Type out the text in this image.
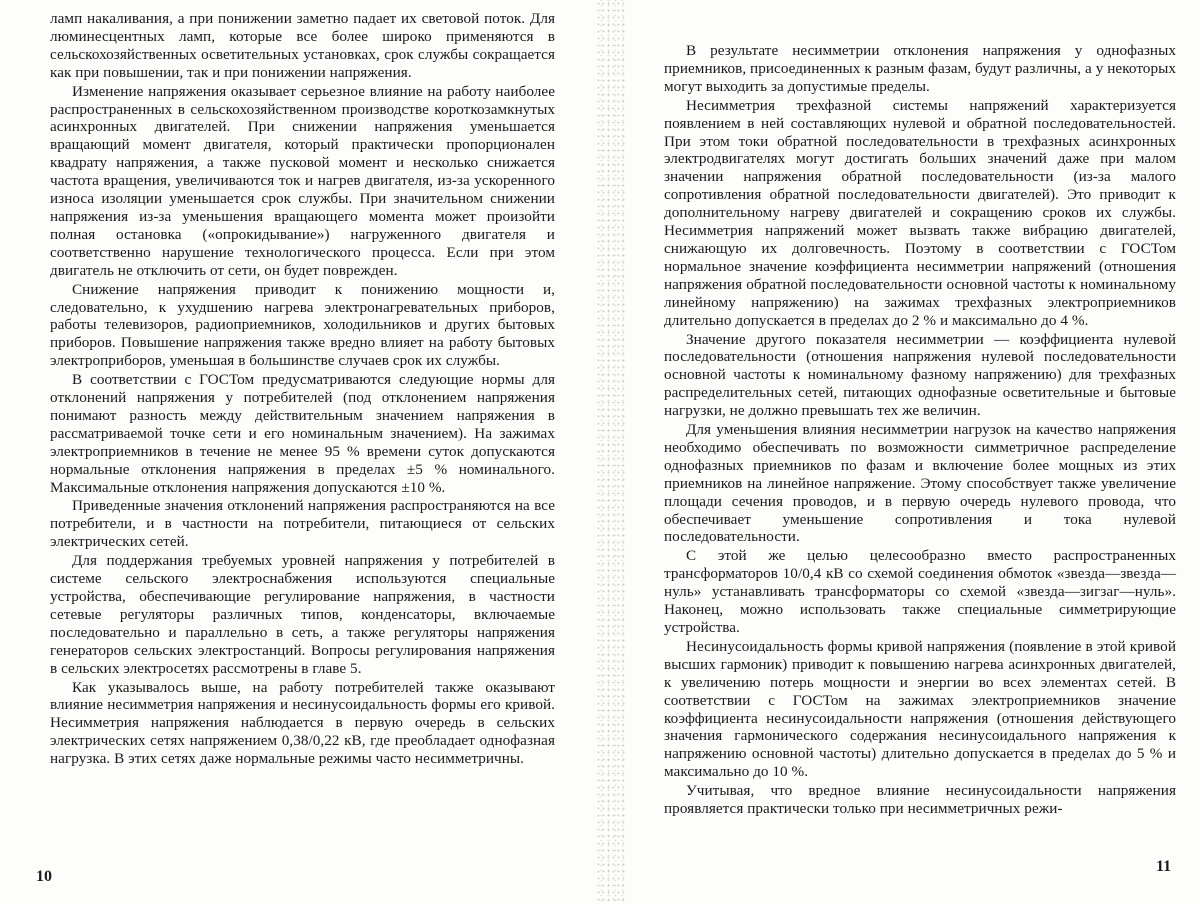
ламп накаливания, а при понижении заметно падает их световой поток. Для люминесцентных ламп, которые все более широко применяются в сельскохозяйственных осветительных установках, срок службы сокращается как при повышении, так и при понижении напряжения.

Изменение напряжения оказывает серьезное влияние на работу наиболее распространенных в сельскохозяйственном производстве короткозамкнутых асинхронных двигателей. При снижении напряжения уменьшается вращающий момент двигателя, который практически пропорционален квадрату напряжения, а также пусковой момент и несколько снижается частота вращения, увеличиваются ток и нагрев двигателя, из-за ускоренного износа изоляции уменьшается срок службы. При значительном снижении напряжения из-за уменьшения вращающего момента может произойти полная остановка («опрокидывание») нагруженного двигателя и соответственно нарушение технологического процесса. Если при этом двигатель не отключить от сети, он будет поврежден.

Снижение напряжения приводит к понижению мощности и, следовательно, к ухудшению нагрева электронагревательных приборов, работы телевизоров, радиоприемников, холодильников и других бытовых приборов. Повышение напряжения также вредно влияет на работу бытовых электроприборов, уменьшая в большинстве случаев срок их службы.

В соответствии с ГОСТом предусматриваются следующие нормы для отклонений напряжения у потребителей (под отклонением напряжения понимают разность между действительным значением напряжения в рассматриваемой точке сети и его номинальным значением). На зажимах электроприемников в течение не менее 95 % времени суток допускаются нормальные отклонения напряжения в пределах ±5 % номинального. Максимальные отклонения напряжения допускаются ±10 %.

Приведенные значения отклонений напряжения распространяются на все потребители, и в частности на потребители, питающиеся от сельских электрических сетей.

Для поддержания требуемых уровней напряжения у потребителей в системе сельского электроснабжения используются специальные устройства, обеспечивающие регулирование напряжения, в частности сетевые регуляторы различных типов, конденсаторы, включаемые последовательно и параллельно в сеть, а также регуляторы напряжения генераторов сельских электростанций. Вопросы регулирования напряжения в сельских электросетях рассмотрены в главе 5.

Как указывалось выше, на работу потребителей также оказывают влияние несимметрия напряжения и несинусоидальность формы его кривой. Несимметрия напряжения наблюдается в первую очередь в сельских электрических сетях напряжением 0,38/0,22 кВ, где преобладает однофазная нагрузка. В этих сетях даже нормальные режимы часто несимметричны.

10

В результате несимметрии отклонения напряжения у однофазных приемников, присоединенных к разным фазам, будут различны, а у некоторых могут выходить за допустимые пределы.

Несимметрия трехфазной системы напряжений характеризуется появлением в ней составляющих нулевой и обратной последовательностей. При этом токи обратной последовательности в трехфазных асинхронных электродвигателях могут достигать больших значений даже при малом значении напряжения обратной последовательности (из-за малого сопротивления обратной последовательности двигателей). Это приводит к дополнительному нагреву двигателей и сокращению сроков их службы. Несимметрия напряжений может вызвать также вибрацию двигателей, снижающую их долговечность. Поэтому в соответствии с ГОСТом нормальное значение коэффициента несимметрии напряжений (отношения напряжения обратной последовательности основной частоты к номинальному линейному напряжению) на зажимах трехфазных электроприемников длительно допускается в пределах до 2 % и максимально до 4 %.

Значение другого показателя несимметрии — коэффициента нулевой последовательности (отношения напряжения нулевой последовательности основной частоты к номинальному фазному напряжению) для трехфазных распределительных сетей, питающих однофазные осветительные и бытовые нагрузки, не должно превышать тех же величин.

Для уменьшения влияния несимметрии нагрузок на качество напряжения необходимо обеспечивать по возможности симметричное распределение однофазных приемников по фазам и включение более мощных из этих приемников на линейное напряжение. Этому способствует также увеличение площади сечения проводов, и в первую очередь нулевого провода, что обеспечивает уменьшение сопротивления и тока нулевой последовательности.

С этой же целью целесообразно вместо распространенных трансформаторов 10/0,4 кВ со схемой соединения обмоток «звезда—звезда—нуль» устанавливать трансформаторы со схемой «звезда—зигзаг—нуль». Наконец, можно использовать также специальные симметрирующие устройства.

Несинусоидальность формы кривой напряжения (появление в этой кривой высших гармоник) приводит к повышению нагрева асинхронных двигателей, к увеличению потерь мощности и энергии во всех элементах сетей. В соответствии с ГОСТом на зажимах электроприемников значение коэффициента несинусоидальности напряжения (отношения действующего значения гармонического содержания несинусоидального напряжения к напряжению основной частоты) длительно допускается в пределах до 5 % и максимально до 10 %.

Учитывая, что вредное влияние несинусоидальности напряжения проявляется практически только при несимметричных режи-

11
